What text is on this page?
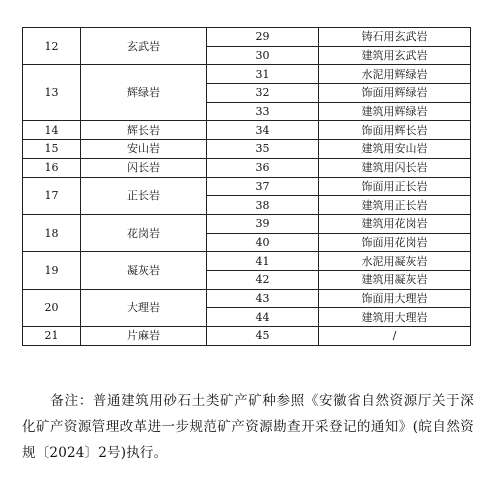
12	玄武岩	29	铸石用玄武岩
		30	建筑用玄武岩
13	辉绿岩	31	水泥用辉绿岩
		32	饰面用辉绿岩
		33	建筑用辉绿岩
14	辉长岩	34	饰面用辉长岩
15	安山岩	35	建筑用安山岩
16	闪长岩	36	建筑用闪长岩
17	正长岩	37	饰面用正长岩
		38	建筑用正长岩
18	花岗岩	39	建筑用花岗岩
		40	饰面用花岗岩
19	凝灰岩	41	水泥用凝灰岩
		42	建筑用凝灰岩
20	大理岩	43	饰面用大理岩
		44	建筑用大理岩
21	片麻岩	45	/
备注：普通建筑用砂石土类矿产矿种参照《安徽省自然资源厅关于深化矿产资源管理改革进一步规范矿产资源勘查开采登记的通知》(皖自然资规〔2024〕2号)执行。
